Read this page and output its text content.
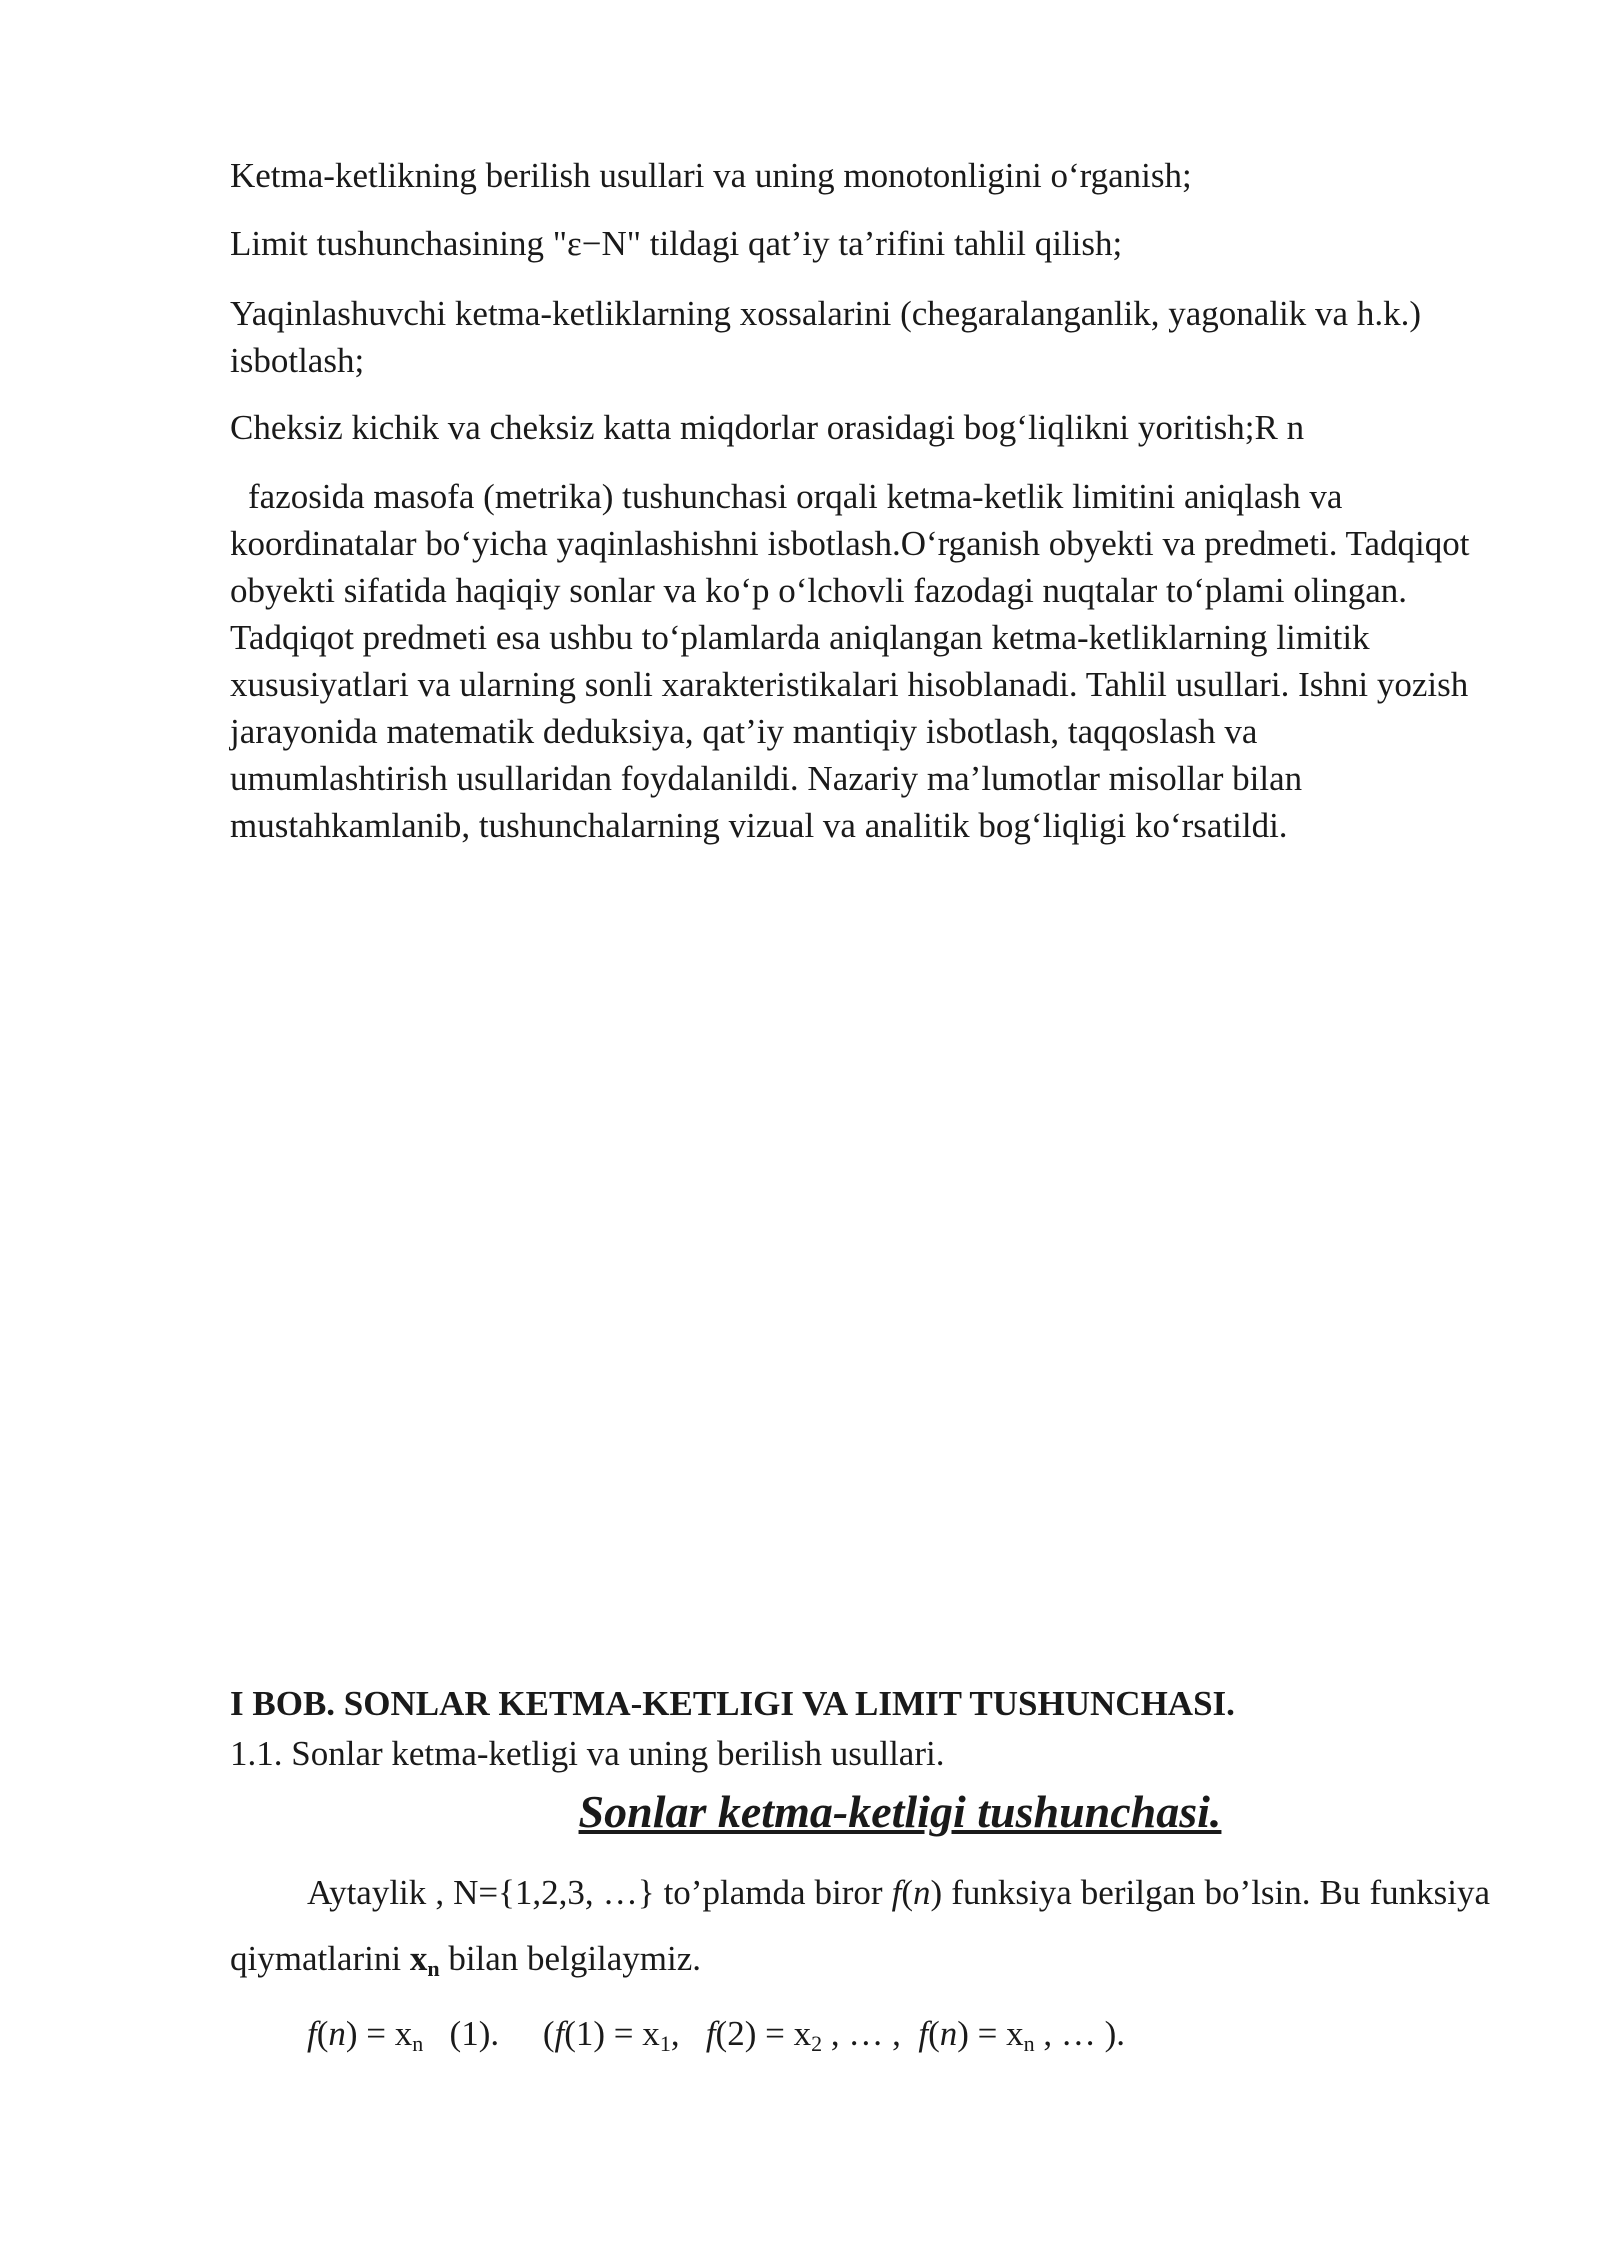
Ketma-ketlikning berilish usullari va uning monotonligini o‘rganish;

Limit tushunchasining "ε−N" tildagi qat’iy ta’rifini tahlil qilish;

Yaqinlashuvchi ketma-ketliklarning xossalarini (chegaralanganlik, yagonalik va h.k.) isbotlash;

Cheksiz kichik va cheksiz katta miqdorlar orasidagi bog‘liqlikni yoritish;R n

fazosida masofa (metrika) tushunchasi orqali ketma-ketlik limitini aniqlash va koordinatalar bo‘yicha yaqinlashishni isbotlash.O‘rganish obyekti va predmeti. Tadqiqot obyekti sifatida haqiqiy sonlar va ko‘p o‘lchovli fazodagi nuqtalar to‘plami olingan. Tadqiqot predmeti esa ushbu to‘plamlarda aniqlangan ketma-ketliklarning limitik xususiyatlari va ularning sonli xarakteristikalari hisoblanadi. Tahlil usullari. Ishni yozish jarayonida matematik deduksiya, qat’iy mantiqiy isbotlash, taqqoslash va umumlashtirish usullaridan foydalanildi. Nazariy ma’lumotlar misollar bilan mustahkamlanib, tushunchalarning vizual va analitik bog‘liqligi ko‘rsatildi.

I BOB. SONLAR KETMA-KETLIGI VA LIMIT TUSHUNCHASI.

1.1. Sonlar ketma-ketligi va uning berilish usullari.

Sonlar ketma-ketligi tushunchasi.

Aytaylik , N={1,2,3, …} to’plamda biror f(n) funksiya berilgan bo’lsin. Bu funksiya qiymatlarini $x_n$ bilan belgilaymiz.

$f(n) = x_n$   (1).     ($f(1) = x_1$,   $f(2) = x_2$ , … ,  $f(n) = x_n$ , … ).
